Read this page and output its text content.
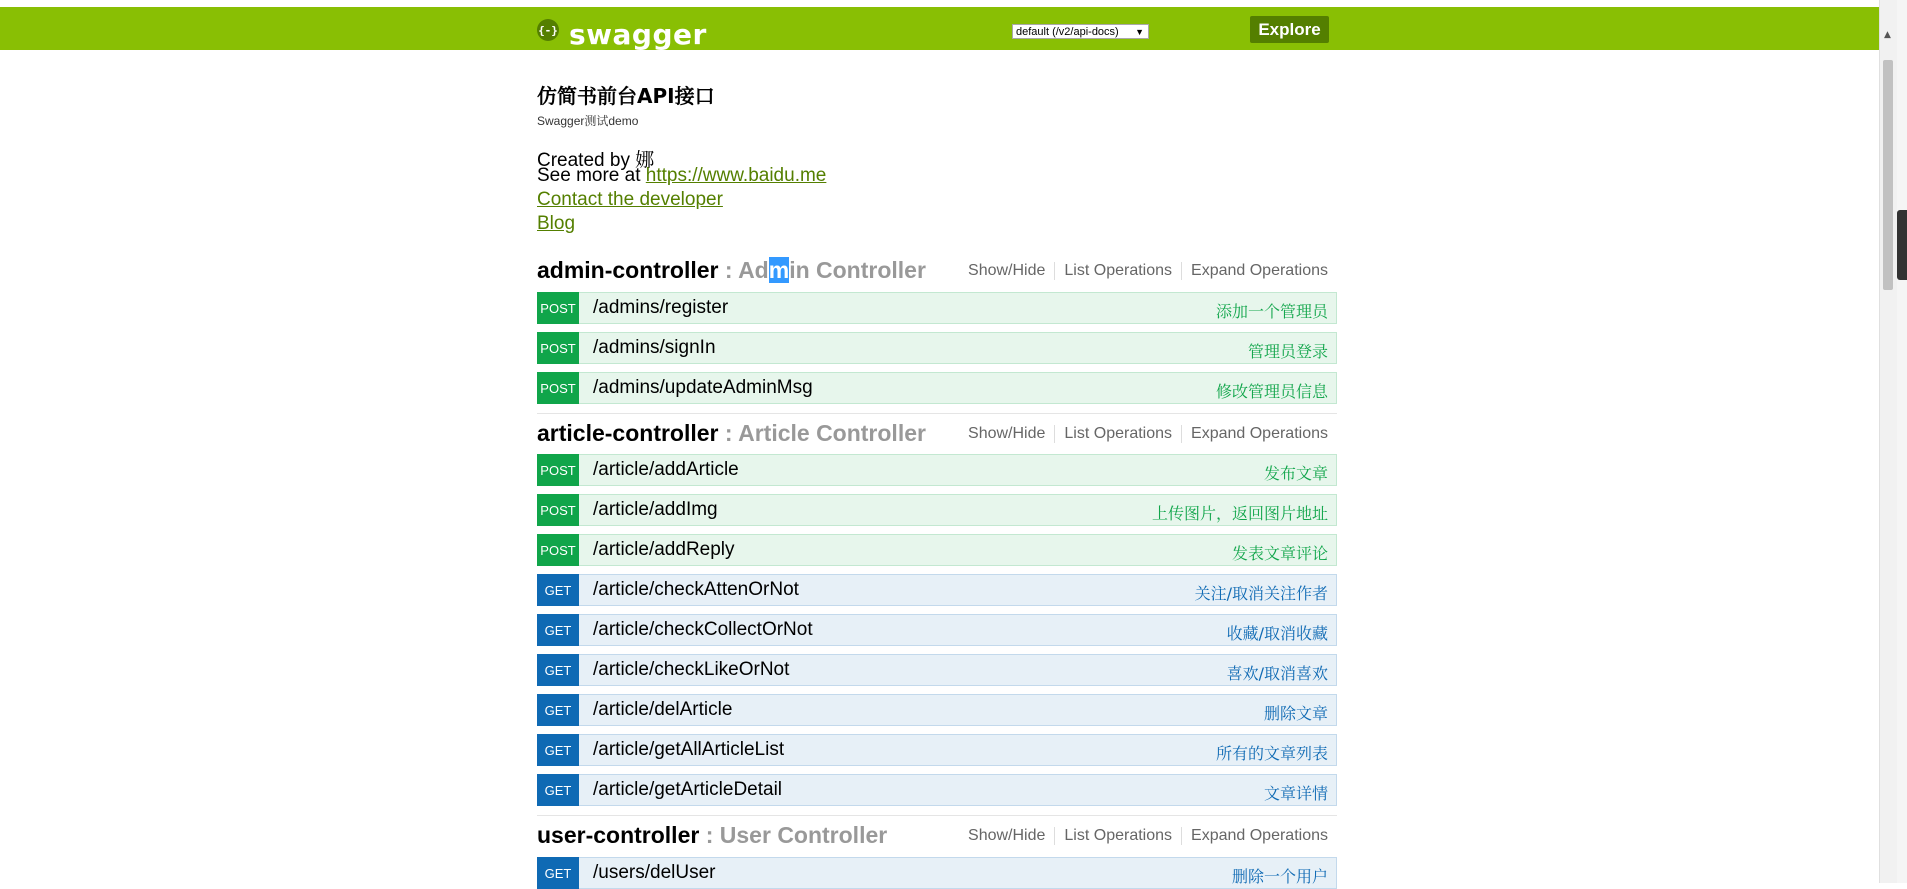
{-} swagger	default (/v2/api-docs) ▼	Explore
仿简书前台API接口
Swagger测试demo
Created by 娜
See more at https://www.baidu.me
Contact the developer
Blog
admin-controller : Admin Controller	Show/Hide	List Operations	Expand Operations
POST /admins/register	添加一个管理员
POST /admins/signIn	管理员登录
POST /admins/updateAdminMsg	修改管理员信息
article-controller : Article Controller	Show/Hide	List Operations	Expand Operations
POST /article/addArticle	发布文章
POST /article/addImg	上传图片，返回图片地址
POST /article/addReply	发表文章评论
GET	/article/checkAttenOrNot	关注/取消关注作者
GET	/article/checkCollectOrNot	收藏/取消收藏
GET	/article/checkLikeOrNot	喜欢/取消喜欢
GET	/article/delArticle	删除文章
GET	/article/getAllArticleList	所有的文章列表
GET	/article/getArticleDetail	文章详情
user-controller : User Controller	Show/Hide	List Operations	Expand Operations
GET	/users/delUser	删除一个用户
▲
